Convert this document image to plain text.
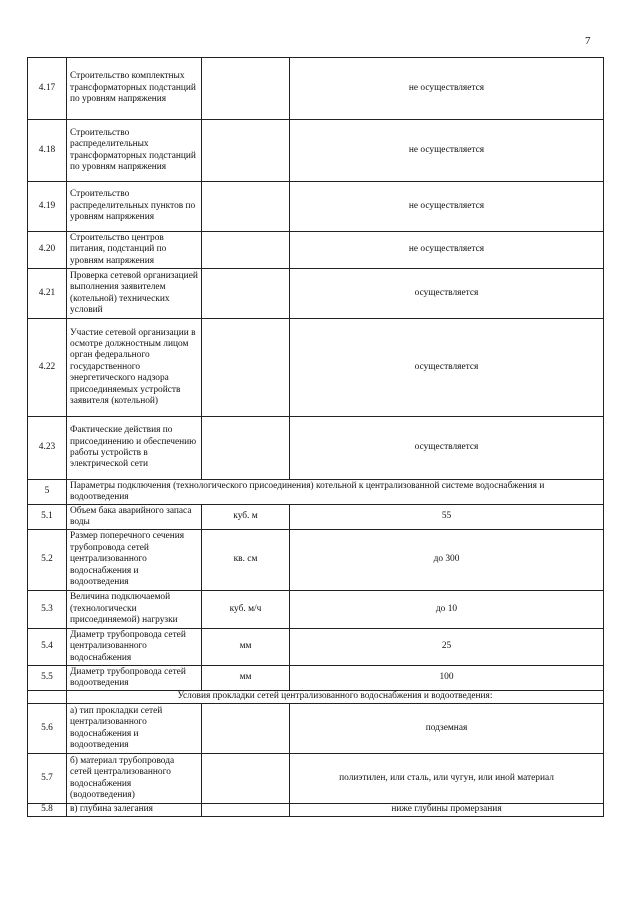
7
4.17	Строительство комплектных трансформаторных подстанций по уровням напряжения		не осуществляется
4.18	Строительство распределительных трансформаторных подстанций по уровням напряжения		не осуществляется
4.19	Строительство распределительных пунктов по уровням напряжения		не осуществляется
4.20	Строительство центров питания, подстанций по уровням напряжения		не осуществляется
4.21	Проверка сетевой организацией выполнения заявителем (котельной) технических условий		осуществляется
4.22	Участие сетевой организации в осмотре должностным лицом орган федерального государственного энергетического надзора присоединяемых устройств заявителя (котельной)		осуществляется
4.23	Фактические действия по присоединению и обеспечению работы устройств в электрической сети		осуществляется
5	Параметры подключения (технологического присоединения) котельной к централизованной системе водоснабжения и водоотведения		
5.1	Объем бака аварийного запаса воды	куб. м	55
5.2	Размер поперечного сечения трубопровода сетей централизованного водоснабжения и водоотведения	кв. см	до 300
5.3	Величина подключаемой (технологически присоединяемой) нагрузки	куб. м/ч	до 10
5.4	Диаметр трубопровода сетей централизованного водоснабжения	мм	25
5.5	Диаметр трубопровода сетей водоотведения	мм	100
	Условия прокладки сетей централизованного водоснабжения и водоотведения:		
5.6	а) тип прокладки сетей централизованного водоснабжения и водоотведения		подземная
5.7	б) материал трубопровода сетей централизованного водоснабжения (водоотведения)		полиэтилен, или сталь, или чугун, или иной материал
5.8	в) глубина залегания		ниже глубины промерзания
